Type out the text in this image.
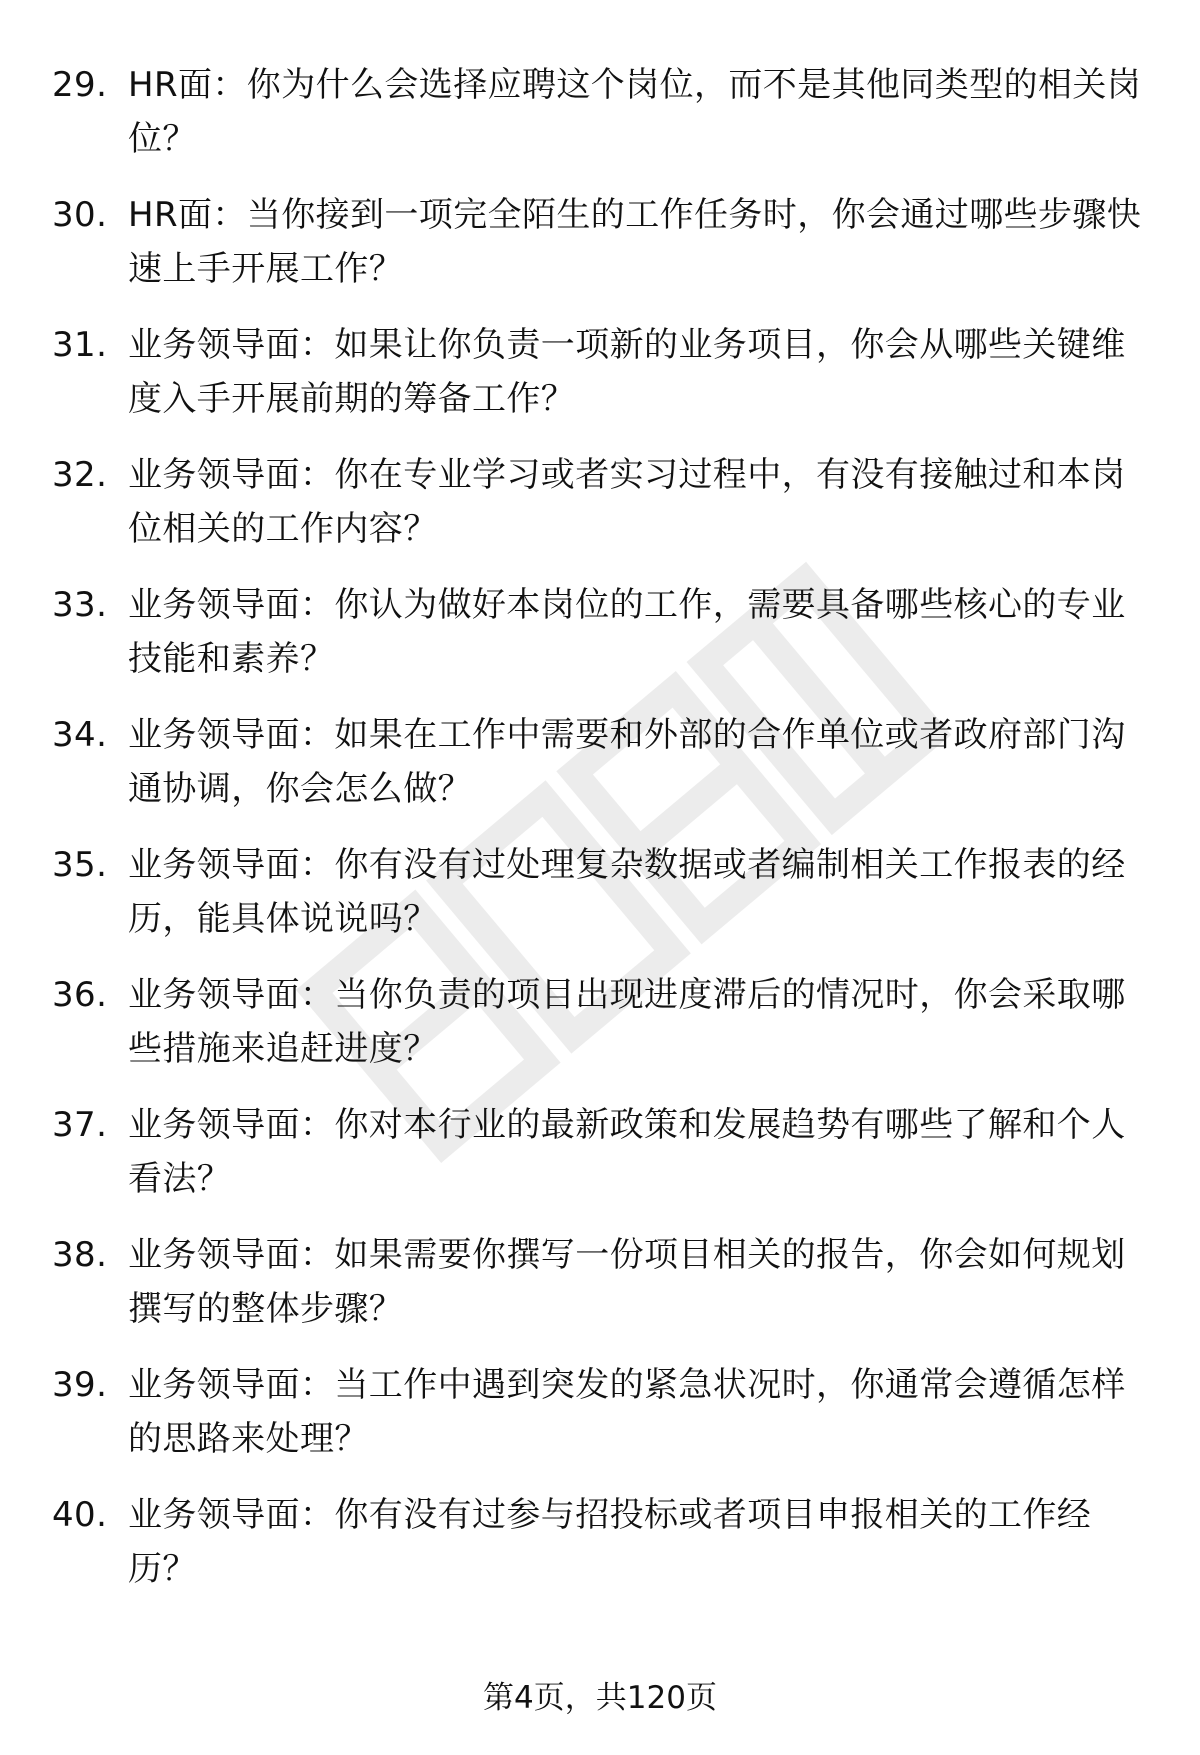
29. HR面：你为什么会选择应聘这个岗位，而不是其他同类型的相关岗位？
30. HR面：当你接到一项完全陌生的工作任务时，你会通过哪些步骤快速上手开展工作？
31. 业务领导面：如果让你负责一项新的业务项目，你会从哪些关键维度入手开展前期的筹备工作？
32. 业务领导面：你在专业学习或者实习过程中，有没有接触过和本岗位相关的工作内容？
33. 业务领导面：你认为做好本岗位的工作，需要具备哪些核心的专业技能和素养？
34. 业务领导面：如果在工作中需要和外部的合作单位或者政府部门沟通协调，你会怎么做？
35. 业务领导面：你有没有过处理复杂数据或者编制相关工作报表的经历，能具体说说吗？
36. 业务领导面：当你负责的项目出现进度滞后的情况时，你会采取哪些措施来追赶进度？
37. 业务领导面：你对本行业的最新政策和发展趋势有哪些了解和个人看法？
38. 业务领导面：如果需要你撰写一份项目相关的报告，你会如何规划撰写的整体步骤？
39. 业务领导面：当工作中遇到突发的紧急状况时，你通常会遵循怎样的思路来处理？
40. 业务领导面：你有没有过参与招投标或者项目申报相关的工作经历？
第4页，共120页
